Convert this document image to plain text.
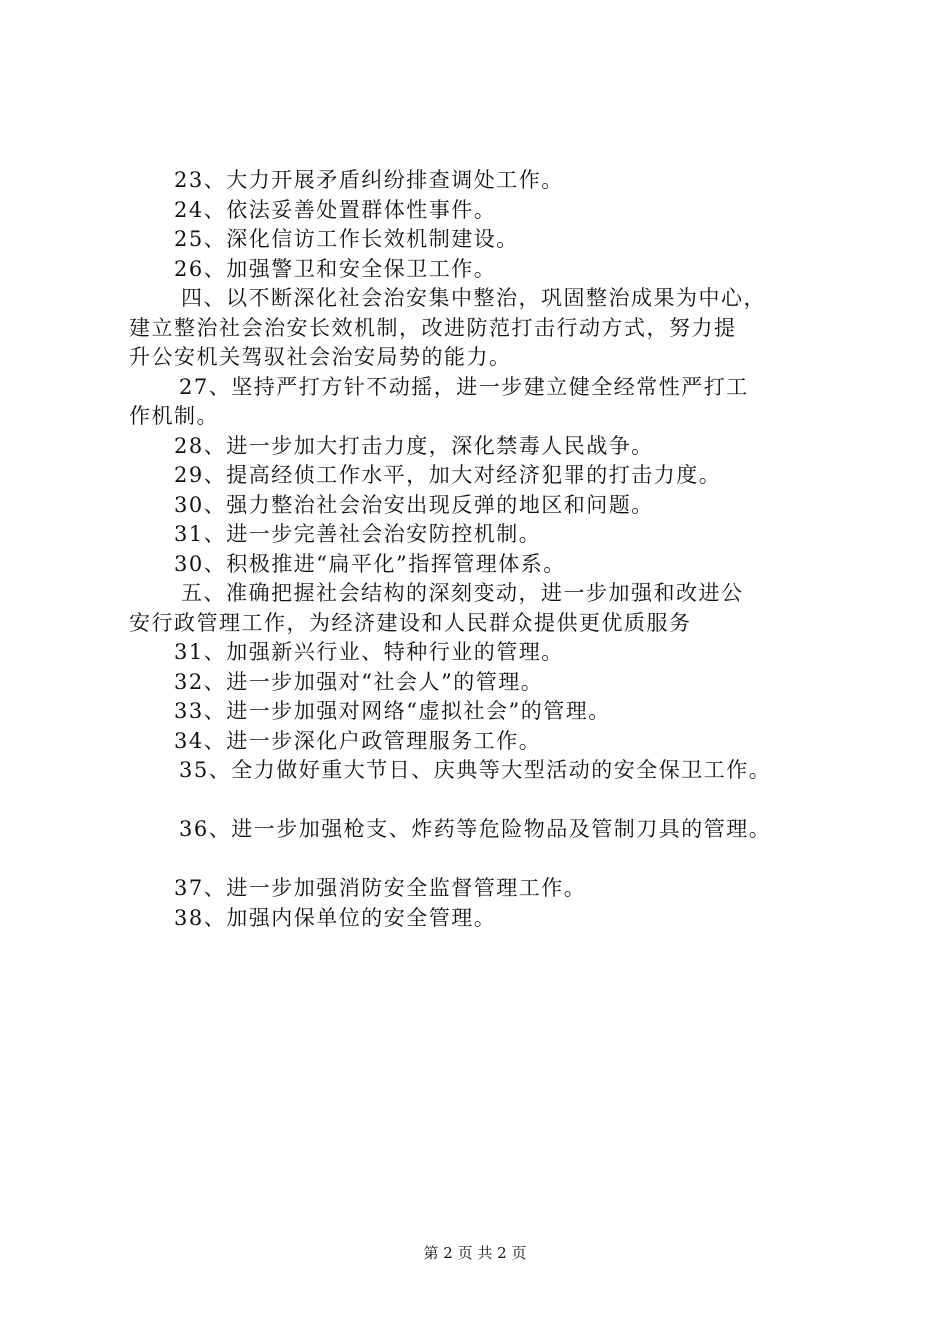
23、大力开展矛盾纠纷排查调处工作。
24、依法妥善处置群体性事件。
25、深化信访工作长效机制建设。
26、加强警卫和安全保卫工作。
四、以不断深化社会治安集中整治，巩固整治成果为中心，
建立整治社会治安长效机制，改进防范打击行动方式，努力提
升公安机关驾驭社会治安局势的能力。
27、坚持严打方针不动摇，进一步建立健全经常性严打工
作机制。
28、进一步加大打击力度，深化禁毒人民战争。
29、提高经侦工作水平，加大对经济犯罪的打击力度。
30、强力整治社会治安出现反弹的地区和问题。
31、进一步完善社会治安防控机制。
30、积极推进“扁平化”指挥管理体系。
五、准确把握社会结构的深刻变动，进一步加强和改进公
安行政管理工作，为经济建设和人民群众提供更优质服务
31、加强新兴行业、特种行业的管理。
32、进一步加强对“社会人”的管理。
33、进一步加强对网络“虚拟社会”的管理。
34、进一步深化户政管理服务工作。
35、全力做好重大节日、庆典等大型活动的安全保卫工作。
36、进一步加强枪支、炸药等危险物品及管制刀具的管理。
37、进一步加强消防安全监督管理工作。
38、加强内保单位的安全管理。
第 2 页 共 2 页
